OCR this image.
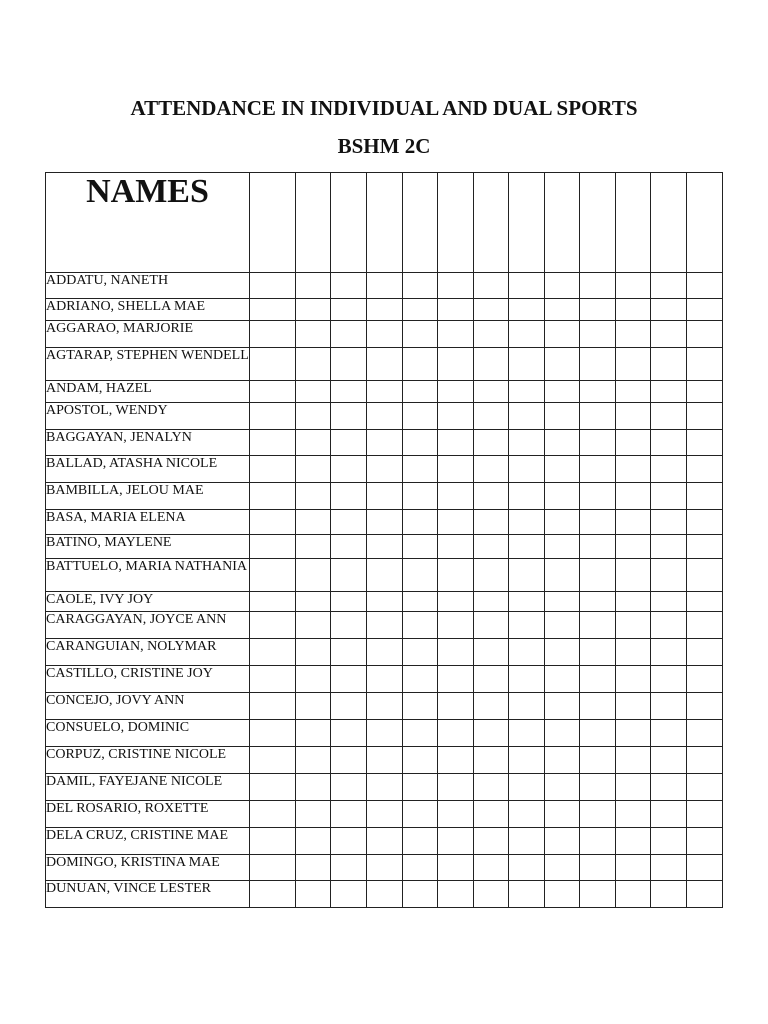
ATTENDANCE IN INDIVIDUAL AND DUAL SPORTS
BSHM 2C
NAMES													
ADDATU, NANETH													
ADRIANO, SHELLA MAE													
AGGARAO, MARJORIE													
AGTARAP, STEPHEN WENDELL													
ANDAM, HAZEL													
APOSTOL, WENDY													
BAGGAYAN, JENALYN													
BALLAD, ATASHA NICOLE													
BAMBILLA, JELOU MAE													
BASA, MARIA ELENA													
BATINO, MAYLENE													
BATTUELO, MARIA NATHANIA													
CAOLE, IVY JOY													
CARAGGAYAN, JOYCE ANN													
CARANGUIAN, NOLYMAR													
CASTILLO, CRISTINE JOY													
CONCEJO, JOVY ANN													
CONSUELO, DOMINIC													
CORPUZ, CRISTINE NICOLE													
DAMIL, FAYEJANE NICOLE													
DEL ROSARIO, ROXETTE													
DELA CRUZ, CRISTINE MAE													
DOMINGO, KRISTINA MAE													
DUNUAN, VINCE LESTER													
